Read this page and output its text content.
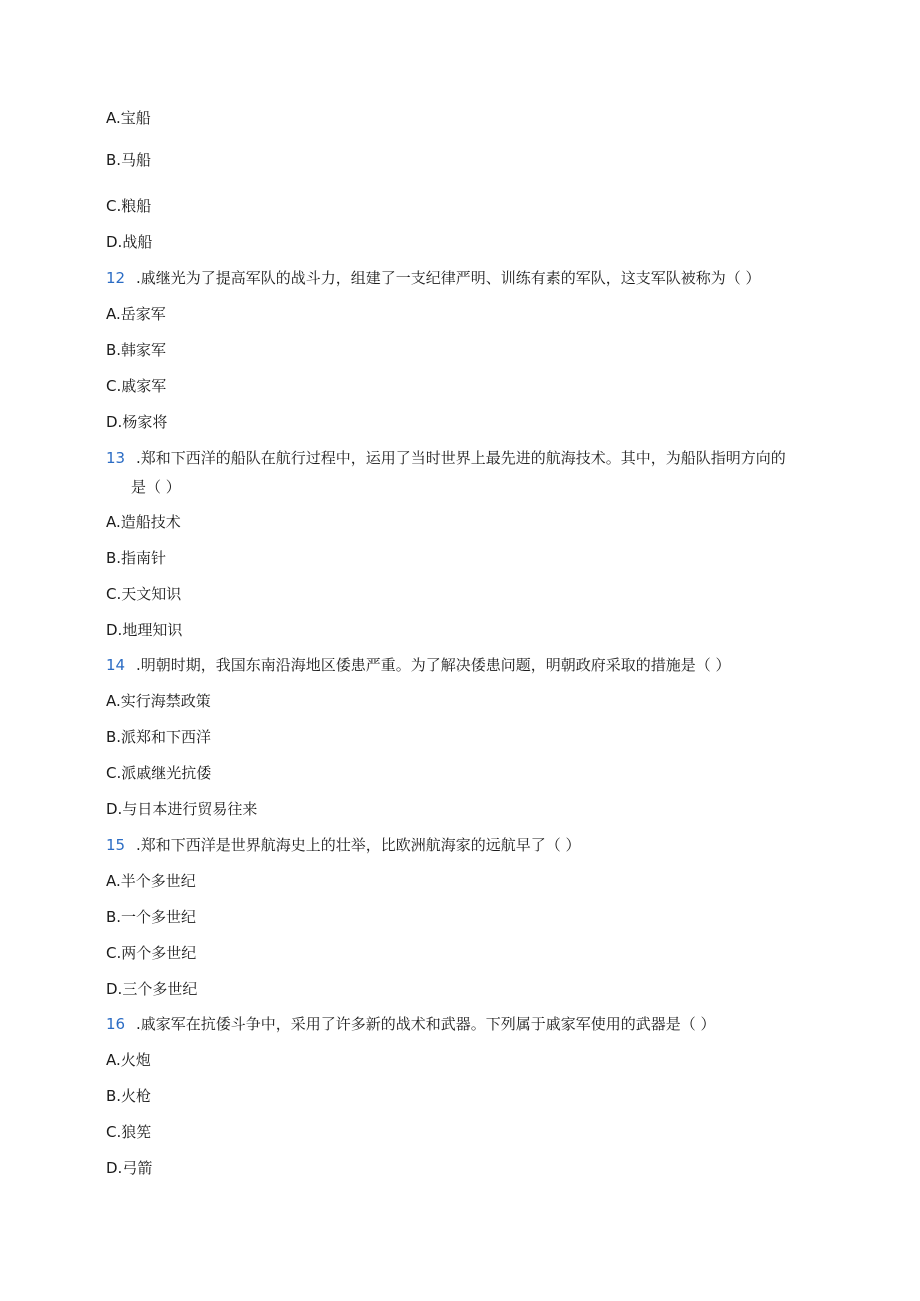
A.宝船
B.马船
C.粮船
D.战船
12 .戚继光为了提高军队的战斗力，组建了一支纪律严明、训练有素的军队，这支军队被称为（ ）
A.岳家军
B.韩家军
C.戚家军
D.杨家将
13 .郑和下西洋的船队在航行过程中，运用了当时世界上最先进的航海技术。其中，为船队指明方向的
是（ ）
A.造船技术
B.指南针
C.天文知识
D.地理知识
14 .明朝时期，我国东南沿海地区倭患严重。为了解决倭患问题，明朝政府采取的措施是（ ）
A.实行海禁政策
B.派郑和下西洋
C.派戚继光抗倭
D.与日本进行贸易往来
15 .郑和下西洋是世界航海史上的壮举，比欧洲航海家的远航早了（ ）
A.半个多世纪
B.一个多世纪
C.两个多世纪
D.三个多世纪
16 .戚家军在抗倭斗争中，采用了许多新的战术和武器。下列属于戚家军使用的武器是（ ）
A.火炮
B.火枪
C.狼筅
D.弓箭
